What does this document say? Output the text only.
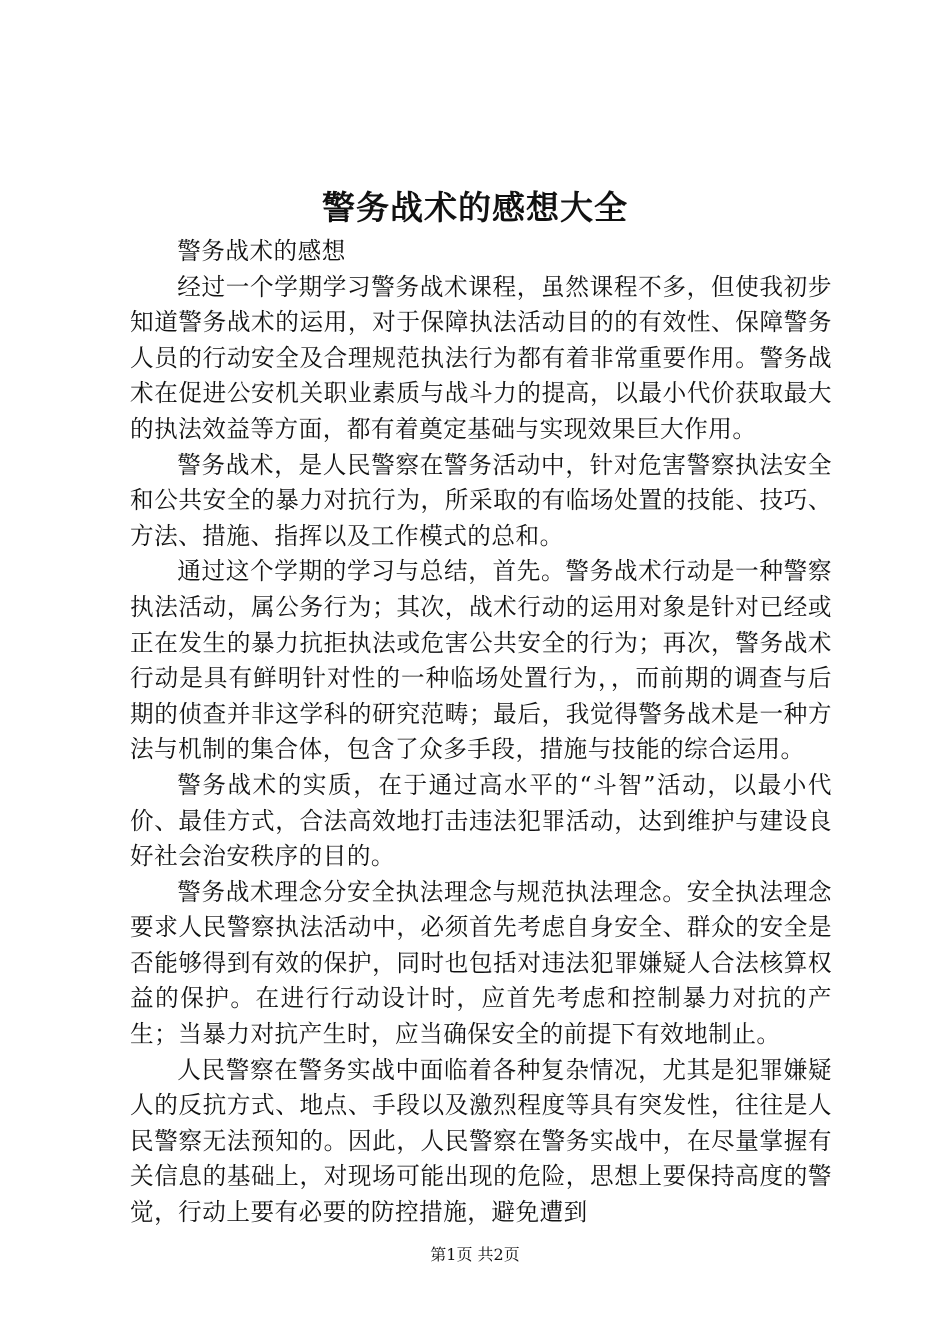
警务战术的感想大全

警务战术的感想

经过一个学期学习警务战术课程，虽然课程不多，但使我初步知道警务战术的运用，对于保障执法活动目的的有效性、保障警务人员的行动安全及合理规范执法行为都有着非常重要作用。警务战术在促进公安机关职业素质与战斗力的提高，以最小代价获取最大的执法效益等方面，都有着奠定基础与实现效果巨大作用。

警务战术，是人民警察在警务活动中，针对危害警察执法安全和公共安全的暴力对抗行为，所采取的有临场处置的技能、技巧、方法、措施、指挥以及工作模式的总和。

通过这个学期的学习与总结，首先。警务战术行动是一种警察执法活动，属公务行为；其次，战术行动的运用对象是针对已经或正在发生的暴力抗拒执法或危害公共安全的行为；再次，警务战术行动是具有鲜明针对性的一种临场处置行为，，而前期的调查与后期的侦查并非这学科的研究范畴；最后，我觉得警务战术是一种方法与机制的集合体，包含了众多手段，措施与技能的综合运用。

警务战术的实质，在于通过高水平的“斗智”活动，以最小代价、最佳方式，合法高效地打击违法犯罪活动，达到维护与建设良好社会治安秩序的目的。

警务战术理念分安全执法理念与规范执法理念。安全执法理念要求人民警察执法活动中，必须首先考虑自身安全、群众的安全是否能够得到有效的保护，同时也包括对违法犯罪嫌疑人合法核算权益的保护。在进行行动设计时，应首先考虑和控制暴力对抗的产生；当暴力对抗产生时，应当确保安全的前提下有效地制止。

人民警察在警务实战中面临着各种复杂情况，尤其是犯罪嫌疑人的反抗方式、地点、手段以及激烈程度等具有突发性，往往是人民警察无法预知的。因此，人民警察在警务实战中，在尽量掌握有关信息的基础上，对现场可能出现的危险，思想上要保持高度的警觉，行动上要有必要的防控措施，避免遭到

第1页 共2页
